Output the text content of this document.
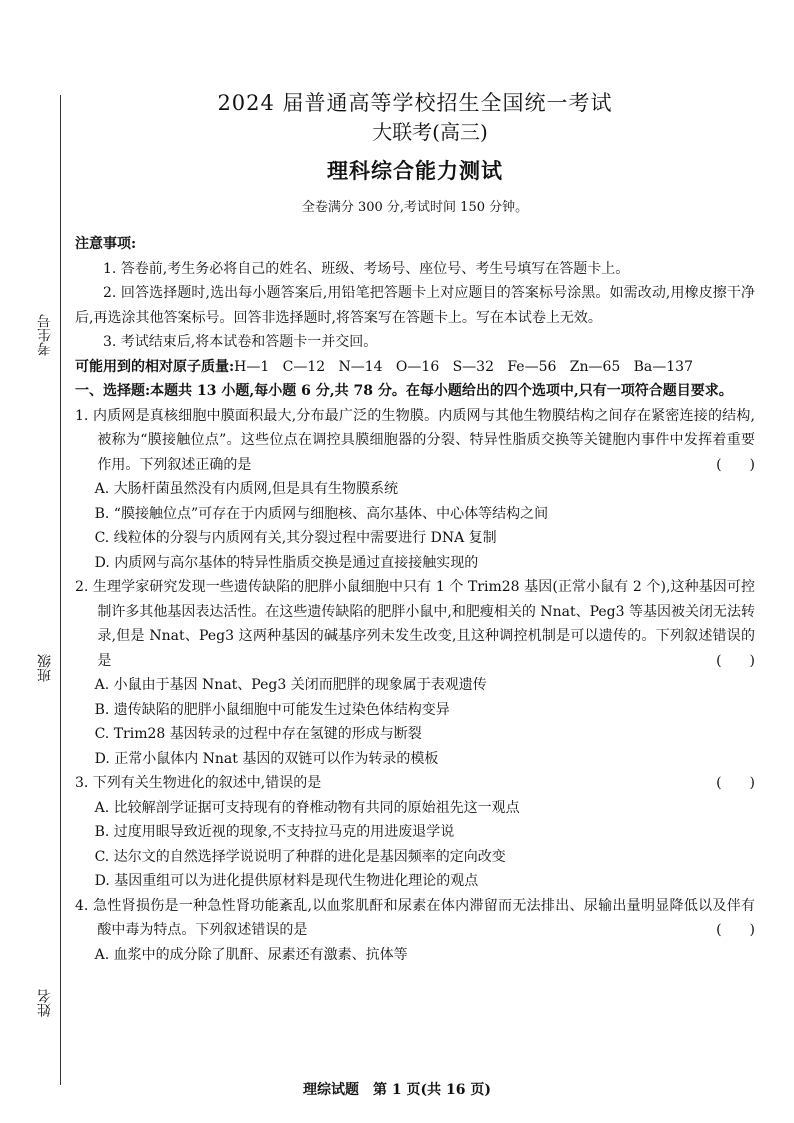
考生号
班级
姓名

2024 届普通高等学校招生全国统一考试

大联考(高三)

理科综合能力测试

全卷满分 300 分,考试时间 150 分钟。

注意事项:

1. 答卷前,考生务必将自己的姓名、班级、考场号、座位号、考生号填写在答题卡上。

2. 回答选择题时,选出每小题答案后,用铅笔把答题卡上对应题目的答案标号涂黑。如需改动,用橡皮擦干净后,再选涂其他答案标号。回答非选择题时,将答案写在答题卡上。写在本试卷上无效。

3. 考试结束后,将本试卷和答题卡一并交回。

可能用到的相对原子质量:H—1   C—12   N—14   O—16   S—32   Fe—56   Zn—65   Ba—137

一、选择题:本题共 13 小题,每小题 6 分,共 78 分。在每小题给出的四个选项中,只有一项符合题目要求。

1. 内质网是真核细胞中膜面积最大,分布最广泛的生物膜。内质网与其他生物膜结构之间存在紧密连接的结构,被称为“膜接触位点”。这些位点在调控具膜细胞器的分裂、特异性脂质交换等关键胞内事件中发挥着重要作用。下列叙述正确的是	(　　)

A. 大肠杆菌虽然没有内质网,但是具有生物膜系统

B. “膜接触位点”可存在于内质网与细胞核、高尔基体、中心体等结构之间

C. 线粒体的分裂与内质网有关,其分裂过程中需要进行 DNA 复制

D. 内质网与高尔基体的特异性脂质交换是通过直接接触实现的

2. 生理学家研究发现一些遗传缺陷的肥胖小鼠细胞中只有 1 个 Trim28 基因(正常小鼠有 2 个),这种基因可控制许多其他基因表达活性。在这些遗传缺陷的肥胖小鼠中,和肥瘦相关的 Nnat、Peg3 等基因被关闭无法转录,但是 Nnat、Peg3 这两种基因的碱基序列未发生改变,且这种调控机制是可以遗传的。下列叙述错误的是	(　　)

A. 小鼠由于基因 Nnat、Peg3 关闭而肥胖的现象属于表观遗传

B. 遗传缺陷的肥胖小鼠细胞中可能发生过染色体结构变异

C. Trim28 基因转录的过程中存在氢键的形成与断裂

D. 正常小鼠体内 Nnat 基因的双链可以作为转录的模板

3. 下列有关生物进化的叙述中,错误的是	(　　)

A. 比较解剖学证据可支持现有的脊椎动物有共同的原始祖先这一观点

B. 过度用眼导致近视的现象,不支持拉马克的用进废退学说

C. 达尔文的自然选择学说说明了种群的进化是基因频率的定向改变

D. 基因重组可以为进化提供原材料是现代生物进化理论的观点

4. 急性肾损伤是一种急性肾功能紊乱,以血浆肌酐和尿素在体内滞留而无法排出、尿输出量明显降低以及伴有酸中毒为特点。下列叙述错误的是	(　　)

A. 血浆中的成分除了肌酐、尿素还有激素、抗体等

理综试题　第 1 页(共 16 页)
